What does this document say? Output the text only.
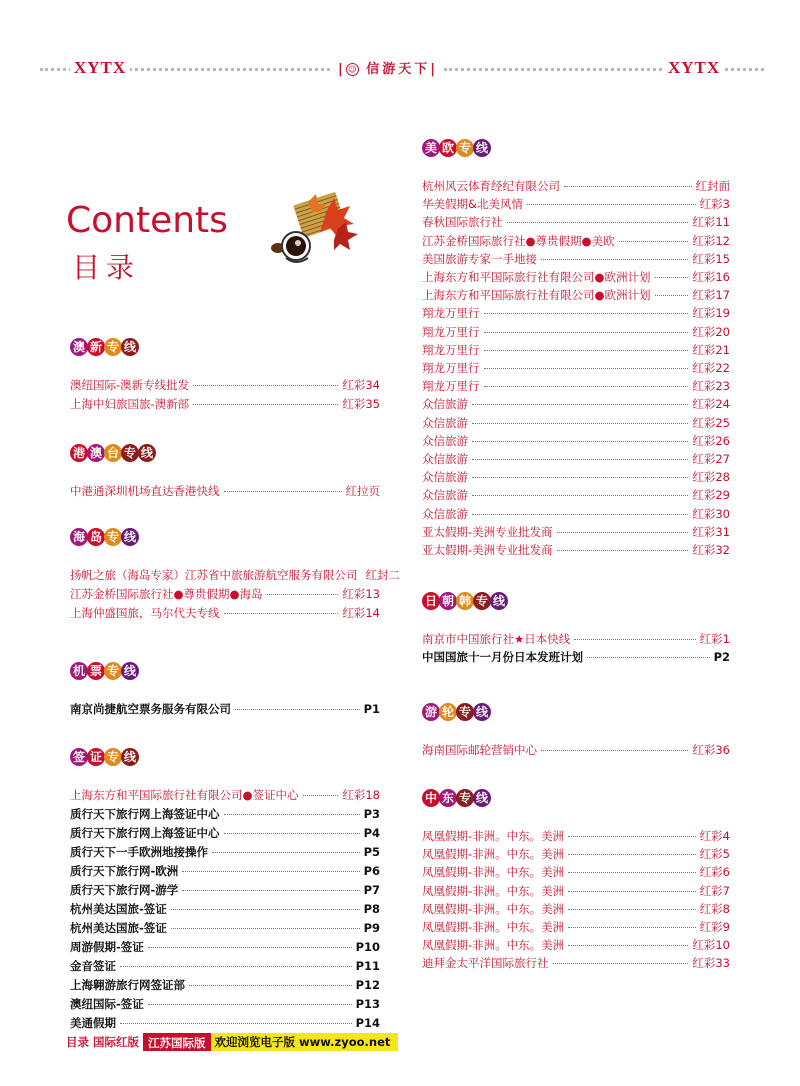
XYTX	| ☺ 信游天下|	XYTX
Contents
目录
澳 新 专 线
澳纽国际-澳新专线批发	红彩34
上海中妇旅国旅-澳新部	红彩35
港 澳 台 专 线
中港通深圳机场直达香港快线	红拉页
海 岛 专 线
扬帆之旅（海岛专家）江苏省中旅旅游航空服务有限公司 红封二
江苏金桥国际旅行社●尊贵假期●海岛	红彩13
上海仲盛国旅，马尔代夫专线	红彩14
机 票 专 线
南京尚捷航空票务服务有限公司	P1
签 证 专 线
上海东方和平国际旅行社有限公司●签证中心	红彩18
质行天下旅行网上海签证中心	P3
质行天下旅行网上海签证中心	P4
质行天下一手欧洲地接操作	P5
质行天下旅行网-欧洲	P6
质行天下旅行网-游学	P7
杭州美达国旅-签证	P8
杭州美达国旅-签证	P9
周游假期-签证	P10
金音签证	P11
上海翱游旅行网签证部	P12
澳纽国际-签证	P13
美通假期	P14
美 欧 专 线
杭州风云体育经纪有限公司	红封面
华美假期&北美风情	红彩3
春秋国际旅行社	红彩11
江苏金桥国际旅行社●尊贵假期●美欧	红彩12
美国旅游专家一手地接	红彩15
上海东方和平国际旅行社有限公司●欧洲计划	红彩16
上海东方和平国际旅行社有限公司●欧洲计划	红彩17
翔龙万里行	红彩19
翔龙万里行	红彩20
翔龙万里行	红彩21
翔龙万里行	红彩22
翔龙万里行	红彩23
众信旅游	红彩24
众信旅游	红彩25
众信旅游	红彩26
众信旅游	红彩27
众信旅游	红彩28
众信旅游	红彩29
众信旅游	红彩30
亚太假期-美洲专业批发商	红彩31
亚太假期-美洲专业批发商	红彩32
日 朝 韩 专 线
南京市中国旅行社★日本快线	红彩1
中国国旅十一月份日本发班计划	P2
游 轮 专 线
海南国际邮轮营销中心	红彩36
中 东 专 线
凤凰假期-非洲。中东。美洲	红彩4
凤凰假期-非洲。中东。美洲	红彩5
凤凰假期-非洲。中东。美洲	红彩6
凤凰假期-非洲。中东。美洲	红彩7
凤凰假期-非洲。中东。美洲	红彩8
凤凰假期-非洲。中东。美洲	红彩9
凤凰假期-非洲。中东。美洲	红彩10
迪拜金太平洋国际旅行社	红彩33
目录 国际红版 江苏国际版 欢迎浏览电子版 www.zyoo.net
